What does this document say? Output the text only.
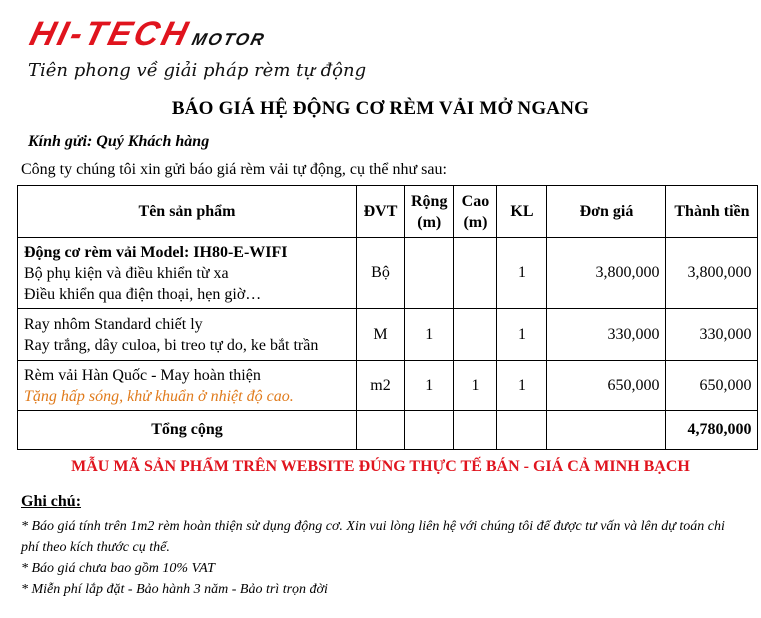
HI-TECHMOTOR
Tiên phong về giải pháp rèm tự động
BÁO GIÁ HỆ ĐỘNG CƠ RÈM VẢI MỞ NGANG
Kính gửi: Quý Khách hàng
Công ty chúng tôi xin gửi báo giá rèm vải tự động, cụ thể như sau:
Tên sản phẩm	ĐVT	Rộng
(m)	Cao
(m)	KL	Đơn giá	Thành tiền

Động cơ rèm vải Model: IH80-E-WIFI
Bộ phụ kiện và điều khiển từ xa
Điều khiển qua điện thoại, hẹn giờ…	Bộ			1	3,800,000	3,800,000

Ray nhôm Standard chiết ly
Ray trắng, dây culoa, bi treo tự do, ke bắt trần	M	1		1	330,000	330,000

Rèm vải Hàn Quốc - May hoàn thiện
Tặng hấp sóng, khử khuẩn ở nhiệt độ cao.	m2	1	1	1	650,000	650,000
Tổng cộng						4,780,000
MẪU MÃ SẢN PHẨM TRÊN WEBSITE ĐÚNG THỰC TẾ BÁN - GIÁ CẢ MINH BẠCH
Ghi chú:
* Báo giá tính trên 1m2 rèm hoàn thiện sử dụng động cơ. Xin vui lòng liên hệ với chúng tôi để được tư vấn và lên dự toán chi phí theo kích thước cụ thể.
* Báo giá chưa bao gồm 10% VAT
* Miễn phí lắp đặt - Bảo hành 3 năm - Bảo trì trọn đời
